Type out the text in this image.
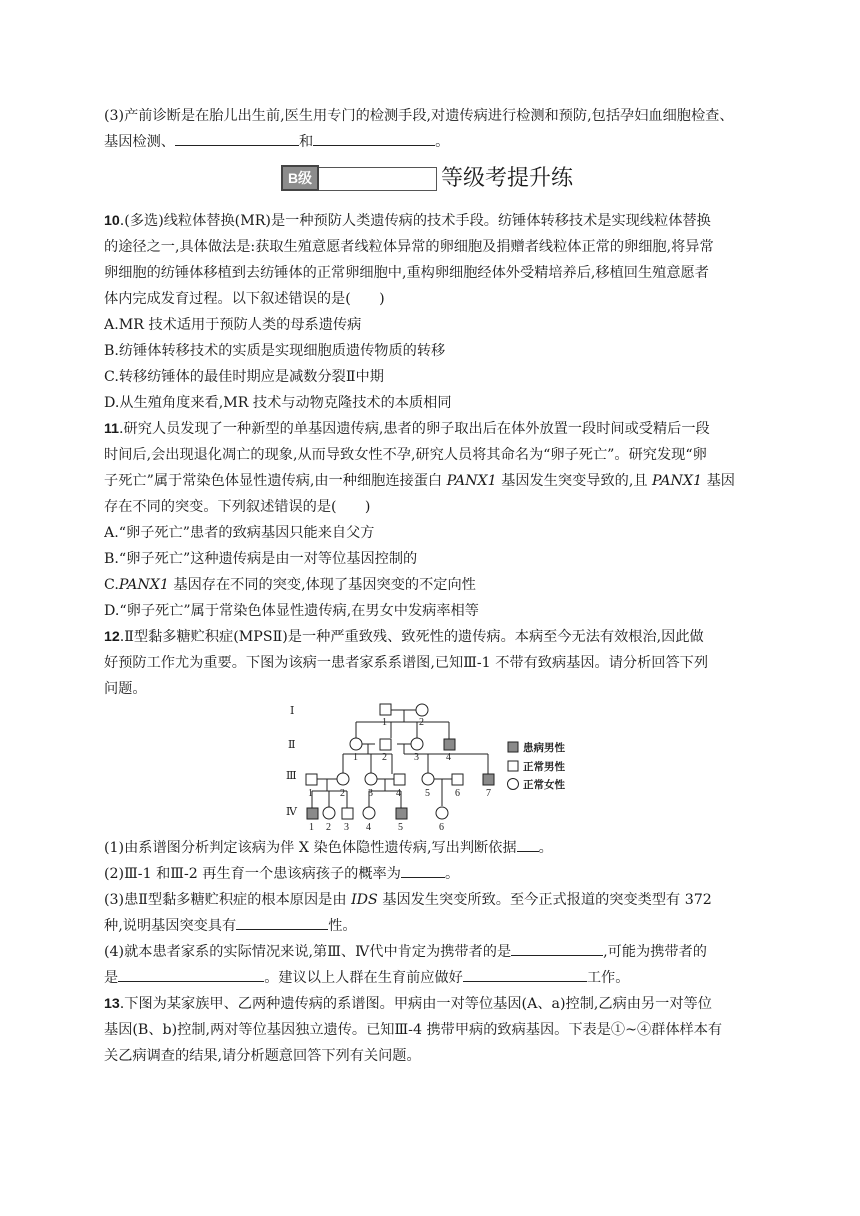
(3)产前诊断是在胎儿出生前,医生用专门的检测手段,对遗传病进行检测和预防,包括孕妇血细胞检查、
基因检测、	和	。
B级	等级考提升练
10.(多选)线粒体替换(MR)是一种预防人类遗传病的技术手段。纺锤体转移技术是实现线粒体替换
的途径之一,具体做法是:获取生殖意愿者线粒体异常的卵细胞及捐赠者线粒体正常的卵细胞,将异常
卵细胞的纺锤体移植到去纺锤体的正常卵细胞中,重构卵细胞经体外受精培养后,移植回生殖意愿者
体内完成发育过程。以下叙述错误的是(　　)
A.MR 技术适用于预防人类的母系遗传病
B.纺锤体转移技术的实质是实现细胞质遗传物质的转移
C.转移纺锤体的最佳时期应是减数分裂Ⅱ中期
D.从生殖角度来看,MR 技术与动物克隆技术的本质相同
11.研究人员发现了一种新型的单基因遗传病,患者的卵子取出后在体外放置一段时间或受精后一段
时间后,会出现退化凋亡的现象,从而导致女性不孕,研究人员将其命名为“卵子死亡”。研究发现“卵
子死亡”属于常染色体显性遗传病,由一种细胞连接蛋白 PANX1 基因发生突变导致的,且 PANX1 基因
存在不同的突变。下列叙述错误的是(　　)
A.“卵子死亡”患者的致病基因只能来自父方
B.“卵子死亡”这种遗传病是由一对等位基因控制的
C.PANX1 基因存在不同的突变,体现了基因突变的不定向性
D.“卵子死亡”属于常染色体显性遗传病,在男女中发病率相等
12.Ⅱ型黏多糖贮积症(MPSⅡ)是一种严重致残、致死性的遗传病。本病至今无法有效根治,因此做
好预防工作尤为重要。下图为该病一患者家系系谱图,已知Ⅲ-1 不带有致病基因。请分析回答下列
问题。
Ⅰ
Ⅱ
Ⅲ
Ⅳ
1	2
1 2	3	4
1	2 3 4 5	6	7
1 2 3 4	5	6
患病男性
正常男性
正常女性
(1)由系谱图分析判定该病为伴 X 染色体隐性遗传病,写出判断依据 。
(2)Ⅲ-1 和Ⅲ-2 再生育一个患该病孩子的概率为	。
(3)患Ⅱ型黏多糖贮积症的根本原因是由 IDS 基因发生突变所致。至今正式报道的突变类型有 372
种,说明基因突变具有	性。
(4)就本患者家系的实际情况来说,第Ⅲ、Ⅳ代中肯定为携带者的是	,可能为携带者的
是	。建议以上人群在生育前应做好	工作。
13.下图为某家族甲、乙两种遗传病的系谱图。甲病由一对等位基因(A、a)控制,乙病由另一对等位
基因(B、b)控制,两对等位基因独立遗传。已知Ⅲ-4 携带甲病的致病基因。下表是①~④群体样本有
关乙病调查的结果,请分析题意回答下列有关问题。
